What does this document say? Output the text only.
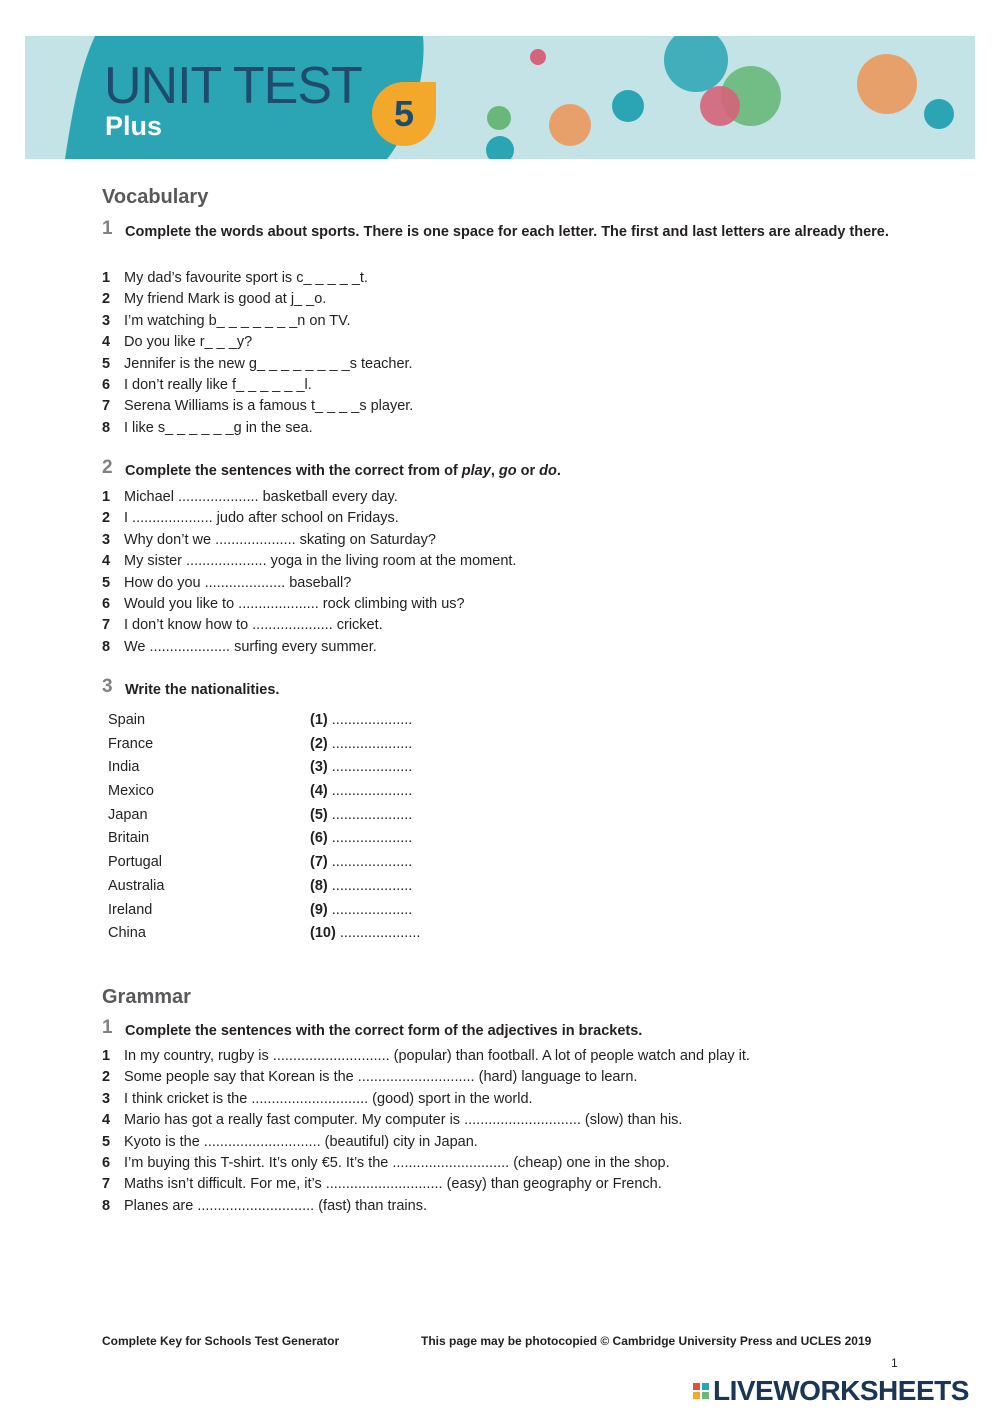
UNIT TEST
Plus	5
Vocabulary
1 Complete the words about sports. There is one space for each letter. The first and last letters are already there.
1 My dad’s favourite sport is c_ _ _ _ _t.
2 My friend Mark is good at j_ _o.
3 I’m watching b_ _ _ _ _ _ _n on TV.
4 Do you like r_ _ _y?
5 Jennifer is the new g_ _ _ _ _ _ _ _s teacher.
6 I don’t really like f_ _ _ _ _ _l.
7 Serena Williams is a famous t_ _ _ _s player.
8 I like s_ _ _ _ _ _g in the sea.
2 Complete the sentences with the correct from of play, go or do.
1 Michael .................... basketball every day.
2 I .................... judo after school on Fridays.
3 Why don’t we .................... skating on Saturday?
4 My sister .................... yoga in the living room at the moment.
5 How do you .................... baseball?
6 Would you like to .................... rock climbing with us?
7 I don’t know how to .................... cricket.
8 We .................... surfing every summer.
3 Write the nationalities.
Spain	(1) ....................
France	(2) ....................
India	(3) ....................
Mexico	(4) ....................
Japan	(5) ....................
Britain	(6) ....................
Portugal	(7) ....................
Australia	(8) ....................
Ireland	(9) ....................
China	(10) ....................
Grammar
1 Complete the sentences with the correct form of the adjectives in brackets.
1 In my country, rugby is ............................. (popular) than football. A lot of people watch and play it.
2 Some people say that Korean is the ............................. (hard) language to learn.
3 I think cricket is the ............................. (good) sport in the world.
4 Mario has got a really fast computer. My computer is ............................. (slow) than his.
5 Kyoto is the ............................. (beautiful) city in Japan.
6 I’m buying this T-shirt. It’s only €5. It’s the ............................. (cheap) one in the shop.
7 Maths isn’t difficult. For me, it’s ............................. (easy) than geography or French.
8 Planes are ............................. (fast) than trains.
Complete Key for Schools Test Generator	This page may be photocopied © Cambridge University Press and UCLES 2019
1
LIVEWORKSHEETS
